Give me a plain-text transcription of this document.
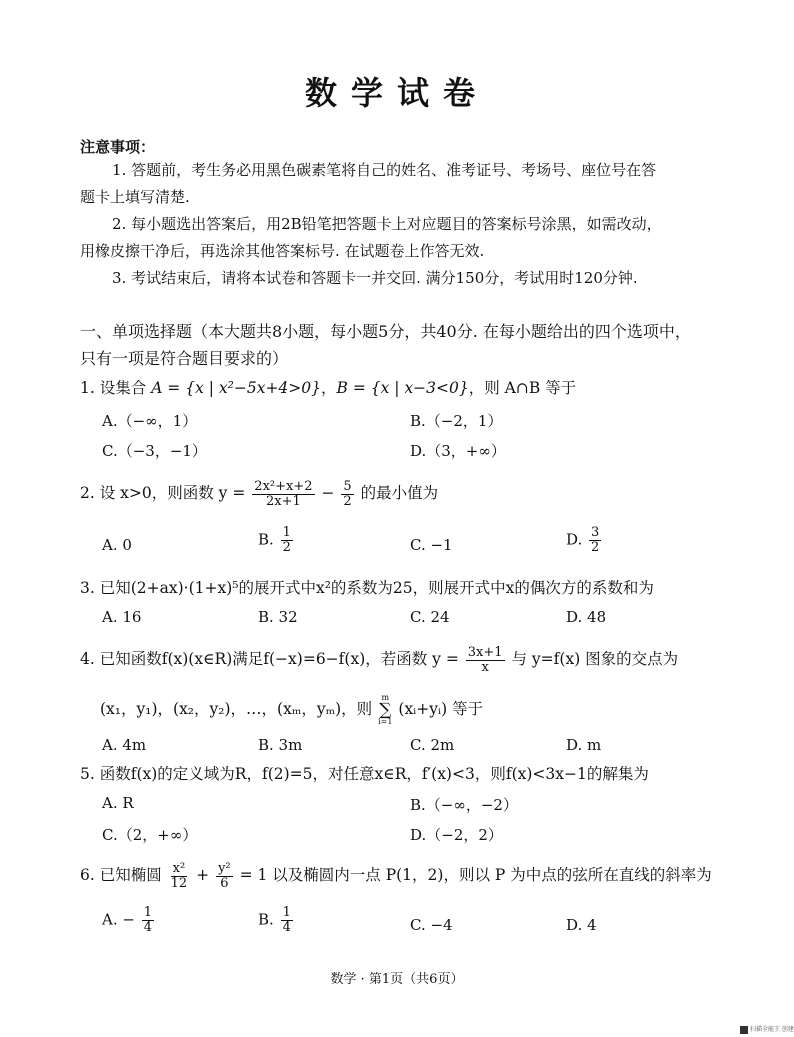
数学试卷
注意事项：
1. 答题前，考生务必用黑色碳素笔将自己的姓名、准考证号、考场号、座位号在答
题卡上填写清楚.
2. 每小题选出答案后，用2B铅笔把答题卡上对应题目的答案标号涂黑，如需改动，
用橡皮擦干净后，再选涂其他答案标号. 在试题卷上作答无效.
3. 考试结束后，请将本试卷和答题卡一并交回. 满分150分，考试用时120分钟.
一、单项选择题（本大题共8小题，每小题5分，共40分. 在每小题给出的四个选项中，
只有一项是符合题目要求的）
1. 设集合 A = {x | x²−5x+4>0}，B = {x | x−3<0}，则 A∩B 等于
A.（−∞，1）	B.（−2，1）
C.（−3，−1）	D.（3，+∞）
2. 设 x>0，则函数 $y = \frac{\text{2x²+x+2}}{2x+1} - \frac{5}{2}$ 的最小值为
A. 0	B. $\frac{1}{2}$	C. −1	D. $\frac{3}{2}$
3. 已知(2+ax)·(1+x)⁵的展开式中x²的系数为25，则展开式中x的偶次方的系数和为
A. 16	B. 32	C. 24	D. 48
4. 已知函数f(x)(x∈R)满足f(−x)=6−f(x)，若函数 $y = \frac{3x+1}{x}$ 与 y=f(x) 图象的交点为
(x₁，y₁)，(x₂，y₂)，…，(xₘ，yₘ)，则
m
∑
i=1
(xᵢ+yᵢ) 等于
A. 4m	B. 3m	C. 2m	D. m
5. 函数f(x)的定义域为R，f(2)=5，对任意x∈R，f′(x)<3，则f(x)<3x−1的解集为
A. R	B.（−∞，−2）
C.（2，+∞）	D.（−2，2）
6. 已知椭圆 $\frac{\text{x²}}{12} + \frac{\text{y²}}{6} = 1$ 以及椭圆内一点 P(1，2)，则以 P 为中点的弦所在直线的斜率为
A. − $\frac{1}{4}$	B. $\frac{1}{4}$	C. −4	D. 4
数学 · 第1页（共6页）
扫描全能王 创建
